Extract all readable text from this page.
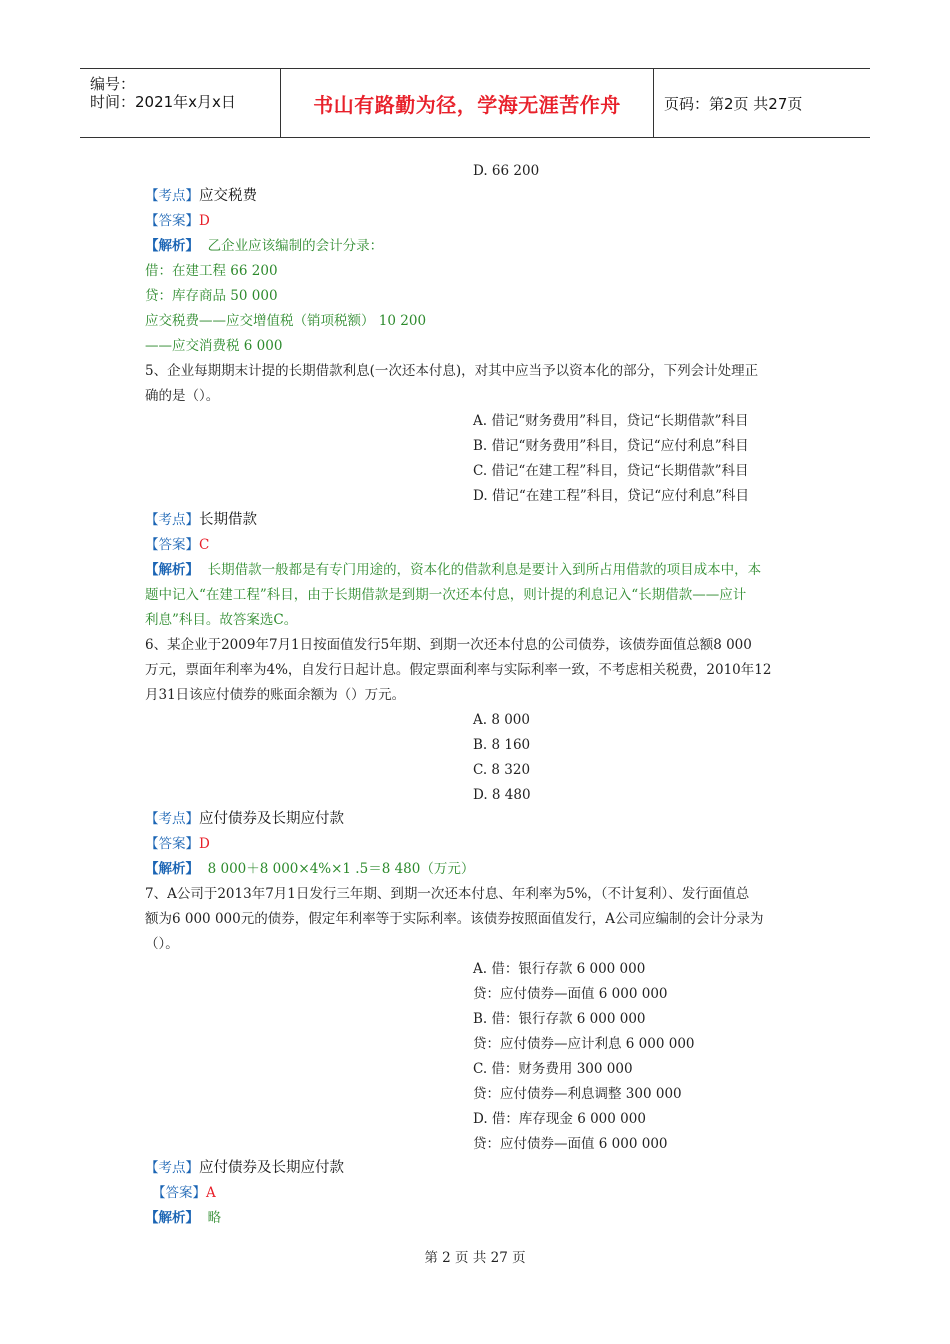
编号：
时间：2021年x月x日	书山有路勤为径，学海无涯苦作舟	页码：第2页 共27页
D. 66 200
【考点】应交税费
【答案】D
【解析】 乙企业应该编制的会计分录：
借：在建工程 66 200
贷：库存商品 50 000
应交税费——应交增值税（销项税额） 10 200
——应交消费税 6 000
5、企业每期期末计提的长期借款利息(一次还本付息)，对其中应当予以资本化的部分，下列会计处理正
确的是（）。
A. 借记“财务费用”科目，贷记“长期借款”科目
B. 借记“财务费用”科目，贷记“应付利息”科目
C. 借记“在建工程”科目，贷记“长期借款”科目
D. 借记“在建工程”科目，贷记“应付利息”科目
【考点】长期借款
【答案】C
【解析】 长期借款一般都是有专门用途的，资本化的借款利息是要计入到所占用借款的项目成本中，本
题中记入“在建工程”科目，由于长期借款是到期一次还本付息，则计提的利息记入“长期借款——应计
利息”科目。故答案选C。
6、某企业于2009年7月1日按面值发行5年期、到期一次还本付息的公司债券，该债券面值总额8 000
万元，票面年利率为4%，自发行日起计息。假定票面利率与实际利率一致，不考虑相关税费，2010年12
月31日该应付债券的账面余额为（）万元。
A. 8 000
B. 8 160
C. 8 320
D. 8 480
【考点】应付债券及长期应付款
【答案】D
【解析】 8 000＋8 000×4%×1 .5＝8 480（万元）
7、A公司于2013年7月1日发行三年期、到期一次还本付息、年利率为5%，（不计复利）、发行面值总
额为6 000 000元的债券，假定年利率等于实际利率。该债券按照面值发行，A公司应编制的会计分录为
（）。
A. 借：银行存款 6 000 000
贷：应付债券—面值 6 000 000
B. 借：银行存款 6 000 000
贷：应付债券—应计利息 6 000 000
C. 借：财务费用 300 000
贷：应付债券—利息调整 300 000
D. 借：库存现金 6 000 000
贷：应付债券—面值 6 000 000
【考点】应付债券及长期应付款
【答案】A
【解析】 略
第 2 页 共 27 页
